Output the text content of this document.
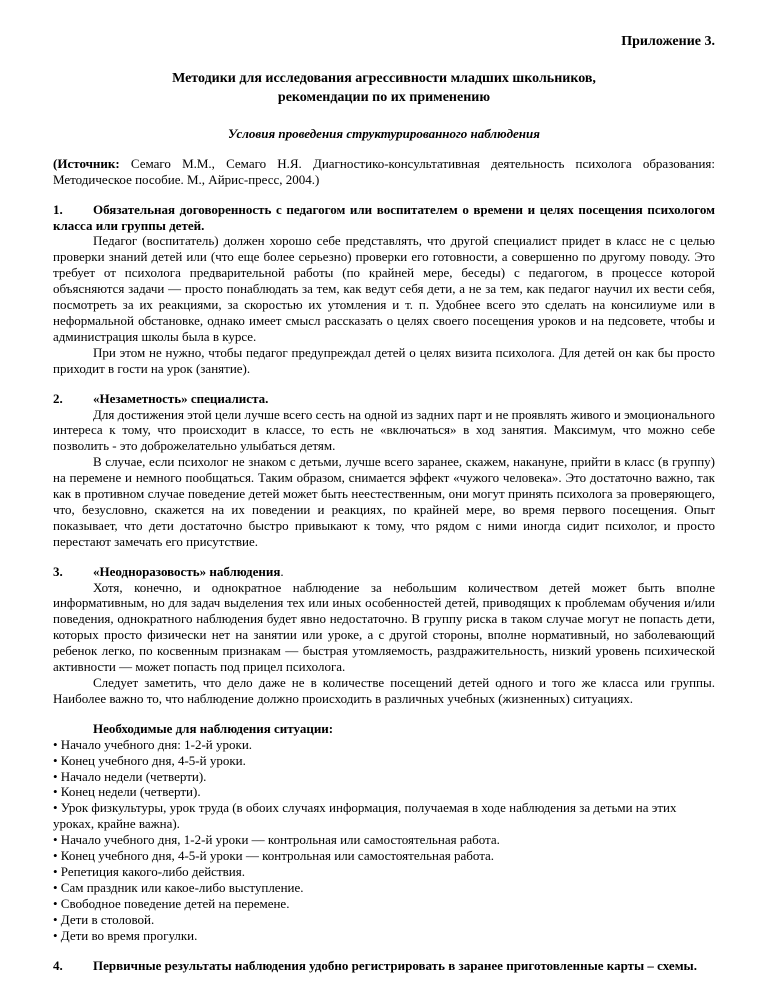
Приложение 3.

Методики для исследования агрессивности младших школьников,
рекомендации по их применению

Условия проведения структурированного наблюдения

(Источник: Семаго М.М., Семаго Н.Я. Диагностико-консультативная деятельность психолога образования: Методическое пособие. М., Айрис-пресс, 2004.)

1. Обязательная договоренность с педагогом или воспитателем о времени и целях посещения психологом класса или группы детей.

Педагог (воспитатель) должен хорошо себе представлять, что другой специалист придет в класс не с целью проверки знаний детей или (что еще более серьезно) проверки его готовности, а совершенно по другому поводу. Это требует от психолога предварительной работы (по крайней мере, беседы) с педагогом, в процессе которой объясняются задачи — просто понаблюдать за тем, как ведут себя дети, а не за тем, как педагог научил их вести себя, посмотреть за их реакциями, за скоростью их утомления и т. п. Удобнее всего это сделать на консилиуме или в неформальной обстановке, однако имеет смысл рассказать о целях своего посещения уроков и на педсовете, чтобы и администрация школы была в курсе.

При этом не нужно, чтобы педагог предупреждал детей о целях визита психолога. Для детей он как бы просто приходит в гости на урок (занятие).

2. «Незаметность» специалиста.

Для достижения этой цели лучше всего сесть на одной из задних парт и не проявлять живого и эмоционального интереса к тому, что происходит в классе, то есть не «включаться» в ход занятия. Максимум, что можно себе позволить - это доброжелательно улыбаться детям.

В случае, если психолог не знаком с детьми, лучше всего заранее, скажем, накануне, прийти в класс (в группу) на перемене и немного пообщаться. Таким образом, снимается эффект «чужого человека». Это достаточно важно, так как в противном случае поведение детей может быть неестественным, они могут принять психолога за проверяющего, что, безусловно, скажется на их поведении и реакциях, по крайней мере, во время первого посещения. Опыт показывает, что дети достаточно быстро привыкают к тому, что рядом с ними иногда сидит психолог, и просто перестают замечать его присутствие.

3. «Неодноразовость» наблюдения.

Хотя, конечно, и однократное наблюдение за небольшим количеством детей может быть вполне информативным, но для задач выделения тех или иных особенностей детей, приводящих к проблемам обучения и/или поведения, однократного наблюдения будет явно недостаточно. В группу риска в таком случае могут не попасть дети, которых просто физически нет на занятии или уроке, а с другой стороны, вполне нормативный, но заболевающий ребенок легко, по косвенным признакам — быстрая утомляемость, раздражительность, низкий уровень психической активности — может попасть под прицел психолога.

Следует заметить, что дело даже не в количестве посещений детей одного и того же класса или группы. Наиболее важно то, что наблюдение должно происходить в различных учебных (жизненных) ситуациях.

Необходимые для наблюдения ситуации:

• Начало учебного дня: 1-2-й уроки.
• Конец учебного дня, 4-5-й уроки.
• Начало недели (четверти).
• Конец недели (четверти).
• Урок физкультуры, урок труда (в обоих случаях информация, получаемая в ходе наблюдения за детьми на этих уроках, крайне важна).
• Начало учебного дня, 1-2-й уроки — контрольная или самостоятельная работа.
• Конец учебного дня, 4-5-й уроки — контрольная или самостоятельная работа.
• Репетиция какого-либо действия.
• Сам праздник или какое-либо выступление.
• Свободное поведение детей на перемене.
• Дети в столовой.
• Дети во время прогулки.

4. Первичные результаты наблюдения удобно регистрировать в заранее приготовленные карты – схемы.
